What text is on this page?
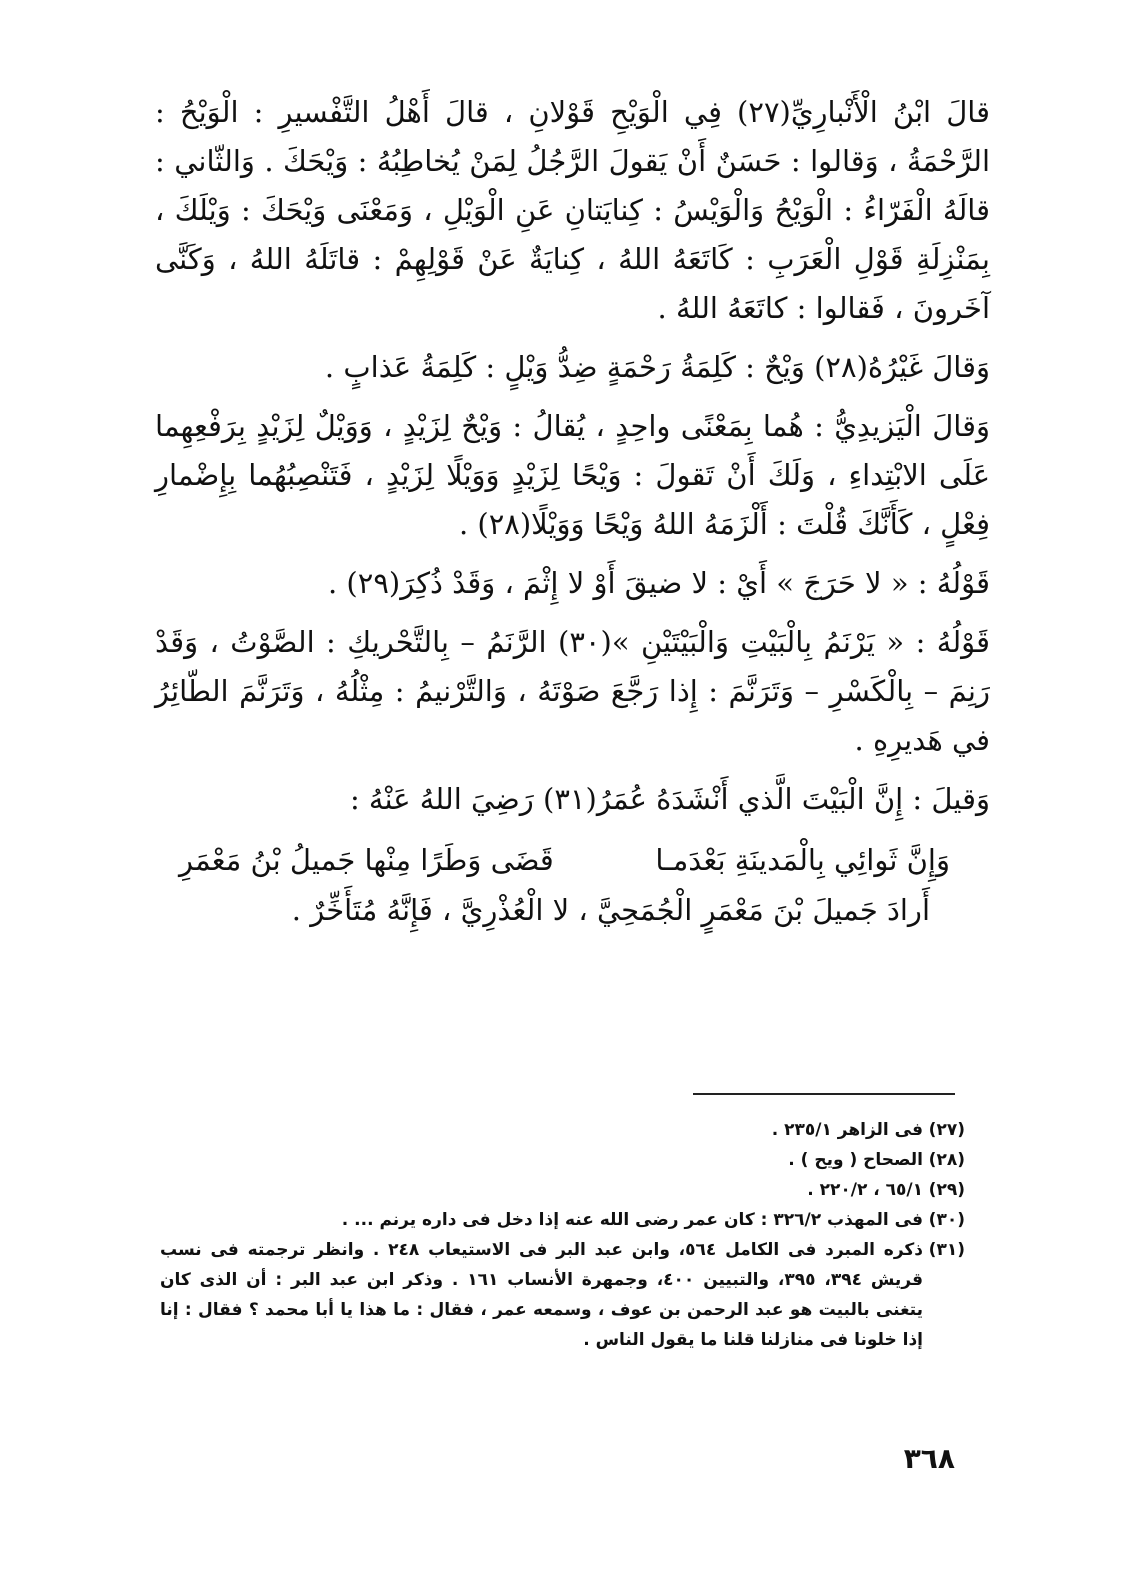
قالَ ابْنُ الْأَنْبارِيِّ(٢٧) فِي الْوَيْحِ قَوْلانِ ، قالَ أَهْلُ التَّفْسيرِ : الْوَيْحُ : الرَّحْمَةُ ، وَقالوا : حَسَنٌ أَنْ يَقولَ الرَّجُلُ لِمَنْ يُخاطِبُهُ : وَيْحَكَ . وَالثّاني : قالَهُ الْفَرّاءُ : الْوَيْحُ وَالْوَيْسُ : كِنايَتانِ عَنِ الْوَيْلِ ، وَمَعْنَى وَيْحَكَ : وَيْلَكَ ، بِمَنْزِلَةِ قَوْلِ الْعَرَبِ : كَاتَعَهُ اللهُ ، كِنايَةٌ عَنْ قَوْلِهِمْ : قاتَلَهُ اللهُ ، وَكَنَّى آخَرونَ ، فَقالوا : كاتَعَهُ اللهُ .

وَقالَ غَيْرُهُ(٢٨) وَيْحٌ : كَلِمَةُ رَحْمَةٍ ضِدُّ وَيْلٍ : كَلِمَةُ عَذابٍ .

وَقالَ الْيَزيدِيُّ : هُما بِمَعْنًى واحِدٍ ، يُقالُ : وَيْحٌ لِزَيْدٍ ، وَوَيْلٌ لِزَيْدٍ بِرَفْعِهِما عَلَى الابْتِداءِ ، وَلَكَ أَنْ تَقولَ : وَيْحًا لِزَيْدٍ وَوَيْلًا لِزَيْدٍ ، فَتَنْصِبُهُما بِإِضْمارِ فِعْلٍ ، كَأَنَّكَ قُلْتَ : أَلْزَمَهُ اللهُ وَيْحًا وَوَيْلًا(٢٨) .

قَوْلُهُ : « لا حَرَجَ » أَيْ : لا ضيقَ أَوْ لا إِثْمَ ، وَقَدْ ذُكِرَ(٢٩) .

قَوْلُهُ : « يَرْنَمُ بِالْبَيْتِ وَالْبَيْتَيْنِ »(٣٠) الرَّنَمُ – بِالتَّحْريكِ : الصَّوْتُ ، وَقَدْ رَنِمَ – بِالْكَسْرِ – وَتَرَنَّمَ : إِذا رَجَّعَ صَوْتَهُ ، وَالتَّرْنيمُ : مِثْلُهُ ، وَتَرَنَّمَ الطّائِرُ في هَديرِهِ .

وَقيلَ : إِنَّ الْبَيْتَ الَّذي أَنْشَدَهُ عُمَرُ(٣١) رَضِيَ اللهُ عَنْهُ :

وَإِنَّ ثَوائِي بِالْمَدينَةِ بَعْدَمـا
قَضَى وَطَرًا مِنْها جَميلُ بْنُ مَعْمَرِ

أَرادَ جَميلَ بْنَ مَعْمَرٍ الْجُمَحِيَّ ، لا الْعُذْرِيَّ ، فَإِنَّهُ مُتَأَخِّرٌ .

(٢٧)
فى الزاهر ٢٣٥/١ .
(٢٨)
الصحاح ( ويح ) .
(٢٩)
٦٥/١ ، ٢٢٠/٢ .
(٣٠)
فى المهذب ٣٢٦/٢ : كان عمر رضى الله عنه إذا دخل فى داره يرنم ... .
(٣١)
ذكره المبرد فى الكامل ٥٦٤، وابن عبد البر فى الاستيعاب ٢٤٨ . وانظر ترجمته فى نسب قريش ٣٩٤، ٣٩٥، والتبيين ٤٠٠، وجمهرة الأنساب ١٦١ . وذكر ابن عبد البر : أن الذى كان يتغنى بالبيت هو عبد الرحمن بن عوف ، وسمعه عمر ، فقال : ما هذا يا أبا محمد ؟ فقال : إنا إذا خلونا فى منازلنا قلنا ما يقول الناس .
٣٦٨
